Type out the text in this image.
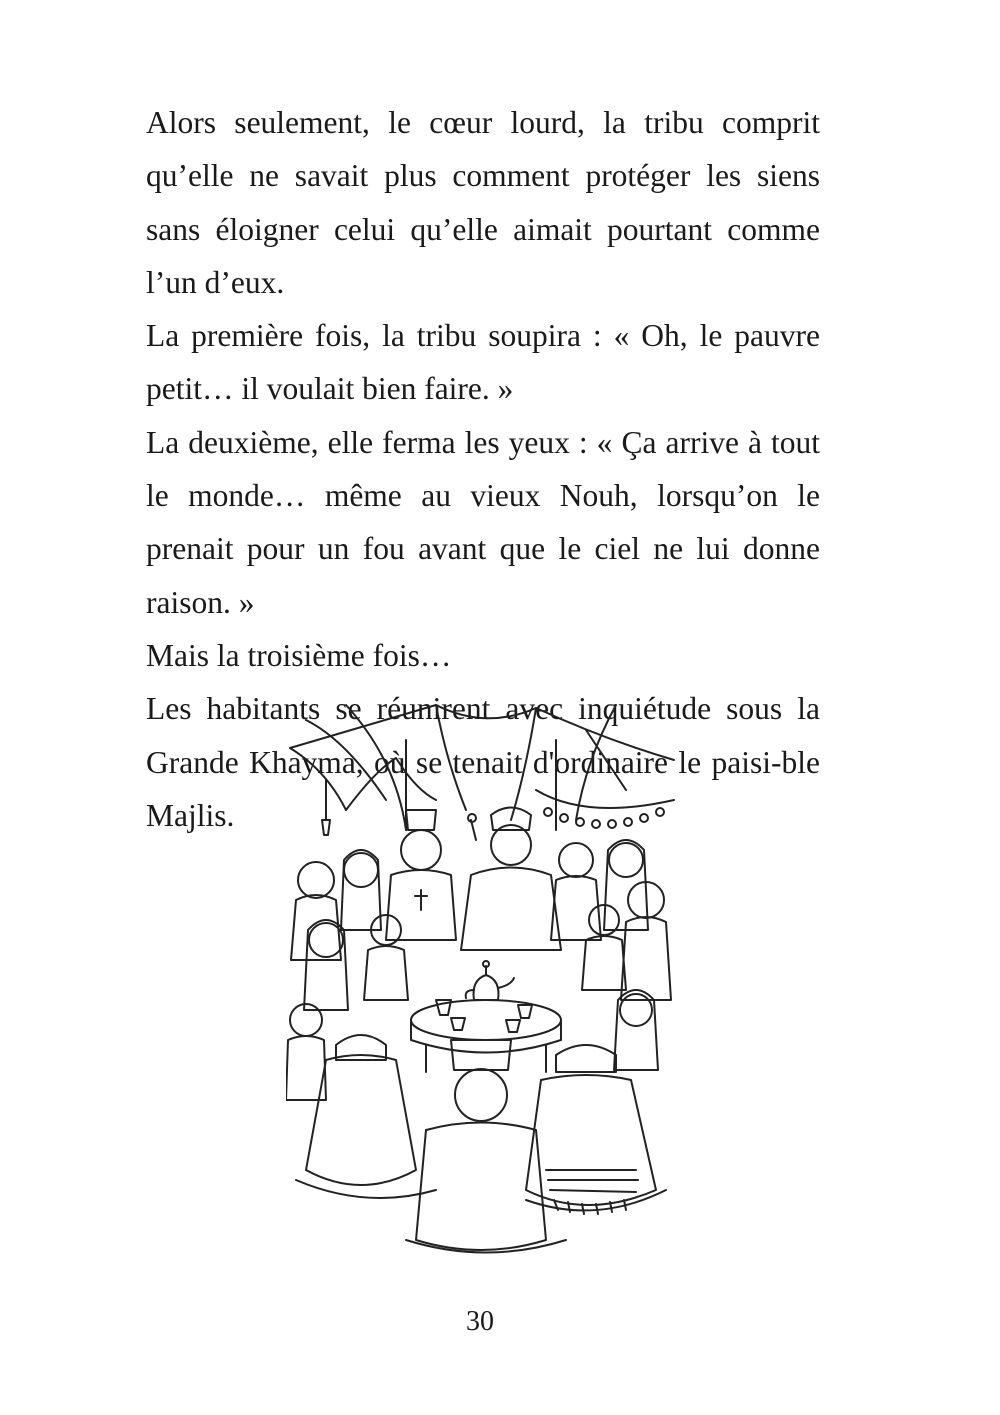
Alors seulement, le cœur lourd, la tribu comprit qu’elle ne savait plus comment protéger les siens sans éloigner celui qu’elle aimait pourtant comme l’un d’eux.

La première fois, la tribu soupira : « Oh, le pauvre petit… il voulait bien faire. »

La deuxième, elle ferma les yeux : « Ça arrive à tout le monde… même au vieux Nouh, lorsqu’on le prenait pour un fou avant que le ciel ne lui donne raison. »

Mais la troisième fois…

Les habitants se réunirent avec inquiétude sous la Grande Khayma, où se tenait d'ordinaire le paisi-ble Majlis.

30
